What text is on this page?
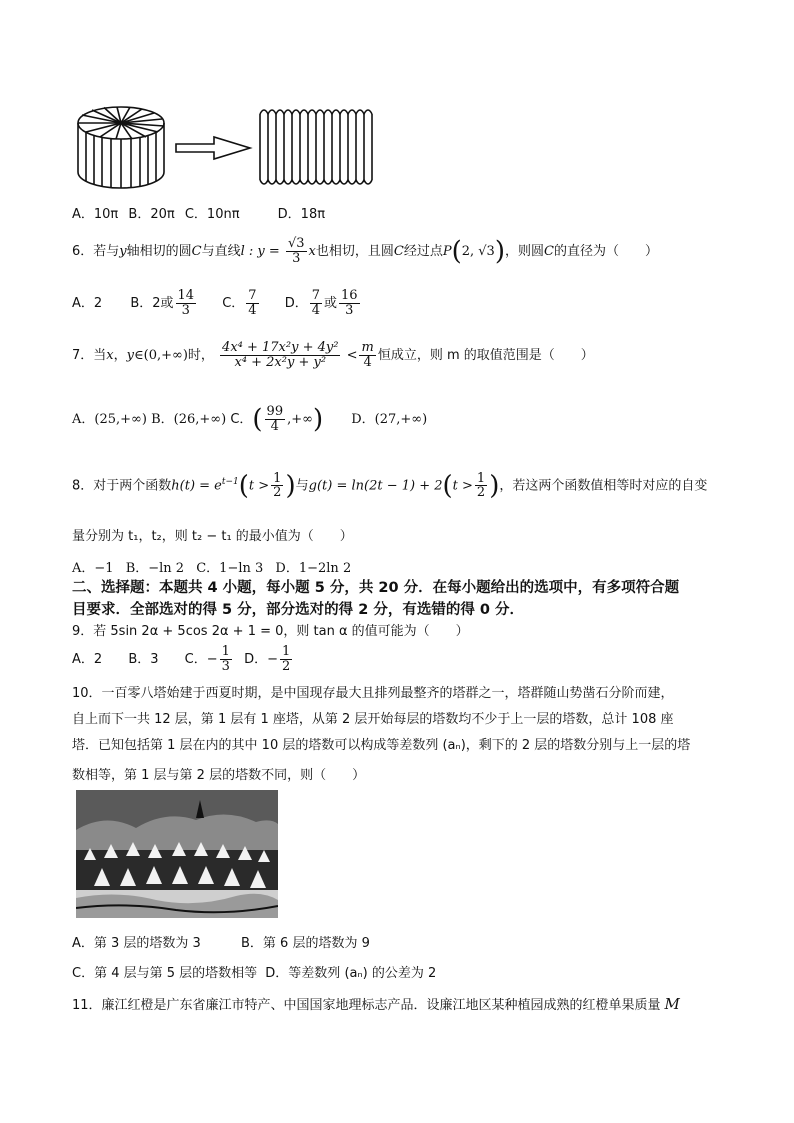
A．10π B．20π C．10nπ	D．18π
6．若与y轴相切的圆C与直线l : $y = \frac{√3}{3}$ x也相切，且圆C经过点P(2, √3)，则圆C的直径为（　　）
A．2 B．2或 $\frac{14}{3}$ C． $\frac{7}{4}$ D． $\frac{7}{4}$ 或 $\frac{16}{3}$
7．当x，y∈(0,+∞)时， $\frac{\text{4x⁴ + 17x²y + 4y²}}{\text{x⁴ + 2x²y + y²}} < \frac{m}{4}$ 恒成立，则 m 的取值范围是（　　）
A．(25,+∞) B．(26,+∞) C．( $\frac{99}{4}$ ,+∞) D．(27,+∞)
8．对于两个函数$h(t) = e^{t-1}(t > \frac{1}{2}$ )与$g(t) = \ln(2t - 1) + 2(t > \frac{1}{2}$ )，若这两个函数值相等时对应的自变
量分别为 t₁，t₂，则 t₂ − t₁ 的最小值为（　　）
A．−1 B．−ln 2 C．1−ln 3 D．1−2ln 2
二、选择题：本题共 4 小题，每小题 5 分，共 20 分．在每小题给出的选项中，有多项符合题
目要求．全部选对的得 5 分，部分选对的得 2 分，有选错的得 0 分．
9．若 5sin 2α + 5cos 2α + 1 = 0，则 tan α 的值可能为（　　）
A．2 B．3 C．− $\frac{1}{3}$ D．− $\frac{1}{2}$
10．一百零八塔始建于西夏时期，是中国现存最大且排列最整齐的塔群之一，塔群随山势凿石分阶而建，
自上而下一共 12 层，第 1 层有 1 座塔，从第 2 层开始每层的塔数均不少于上一层的塔数，总计 108 座
塔．已知包括第 1 层在内的其中 10 层的塔数可以构成等差数列 (aₙ)，剩下的 2 层的塔数分别与上一层的塔
数相等，第 1 层与第 2 层的塔数不同，则（　　）
A．第 3 层的塔数为 3	B．第 6 层的塔数为 9
C．第 4 层与第 5 层的塔数相等 D．等差数列 (aₙ) 的公差为 2
11．廉江红橙是广东省廉江市特产、中国国家地理标志产品．设廉江地区某种植园成熟的红橙单果质量 M
